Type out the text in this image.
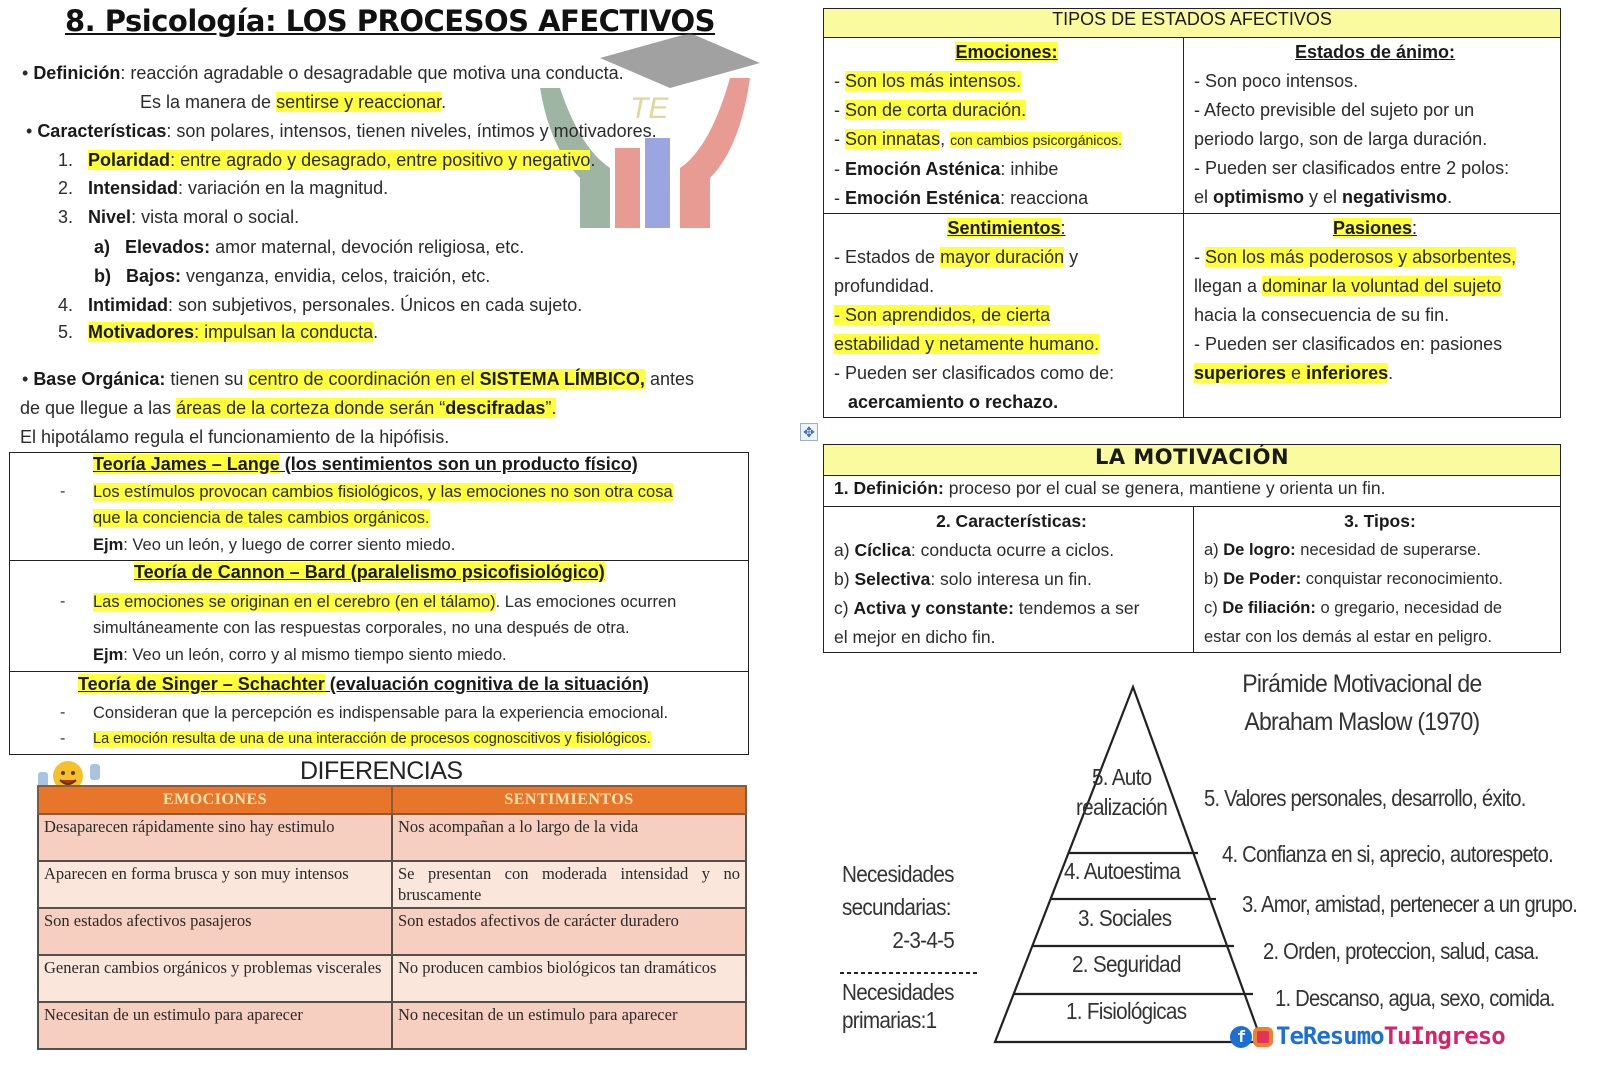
8. Psicología: LOS PROCESOS AFECTIVOS
TE
• Definición: reacción agradable o desagradable que motiva una conducta.
Es la manera de sentirse y reaccionar.
• Características: son polares, intensos, tienen niveles, íntimos y motivadores.
1. Polaridad: entre agrado y desagrado, entre positivo y negativo.
2. Intensidad: variación en la magnitud.
3. Nivel: vista moral o social.
a) Elevados: amor maternal, devoción religiosa, etc.
b) Bajos: venganza, envidia, celos, traición, etc.
4. Intimidad: son subjetivos, personales. Únicos en cada sujeto.
5. Motivadores: impulsan la conducta.
• Base Orgánica: tienen su centro de coordinación en el SISTEMA LÍMBICO, antes
de que llegue a las áreas de la corteza donde serán “descifradas”.
El hipotálamo regula el funcionamiento de la hipófisis.
Teoría James – Lange (los sentimientos son un producto físico)
- Los estímulos provocan cambios fisiológicos, y las emociones no son otra cosa
que la conciencia de tales cambios orgánicos.
Ejm: Veo un león, y luego de correr siento miedo.
Teoría de Cannon – Bard (paralelismo psicofisiológico)
- Las emociones se originan en el cerebro (en el tálamo). Las emociones ocurren
simultáneamente con las respuestas corporales, no una después de otra.
Ejm: Veo un león, corro y al mismo tiempo siento miedo.
Teoría de Singer – Schachter (evaluación cognitiva de la situación)
- Consideran que la percepción es indispensable para la experiencia emocional.
- La emoción resulta de una de una interacción de procesos cognoscitivos y fisiológicos.
DIFERENCIAS
EMOCIONES	SENTIMIENTOS
Desaparecen rápidamente sino hay estimulo	Nos acompañan a lo largo de la vida
Aparecen en forma brusca y son muy intensos	Se presentan con moderada intensidad y no bruscamente
Son estados afectivos pasajeros	Son estados afectivos de carácter duradero
Generan cambios orgánicos y problemas viscerales	No producen cambios biológicos tan dramáticos
Necesitan de un estimulo para aparecer	No necesitan de un estimulo para aparecer
TIPOS DE ESTADOS AFECTIVOS	

Emociones:
- Son los más intensos.
- Son de corta duración.
- Son innatas, con cambios psicorgánicos.
- Emoción Asténica: inhibe
- Emoción Esténica: reacciona

Estados de ánimo:
- Son poco intensos.
- Afecto previsible del sujeto por un
periodo largo, son de larga duración.
- Pueden ser clasificados entre 2 polos:
el optimismo y el negativismo.

Sentimientos:
- Estados de mayor duración y
profundidad.
- Son aprendidos, de cierta
estabilidad y netamente humano.
- Pueden ser clasificados como de:
acercamiento o rechazo.

Pasiones:
- Son los más poderosos y absorbentes,
llegan a dominar la voluntad del sujeto
hacia la consecuencia de su fin.
- Pueden ser clasificados en: pasiones
superiores e inferiores.
✥
LA MOTIVACIÓN
1. Definición: proceso por el cual se genera, mantiene y orienta un fin.

2. Características:
a) Cíclica: conducta ocurre a ciclos.
b) Selectiva: solo interesa un fin.
c) Activa y constante: tendemos a ser
el mejor en dicho fin.

3. Tipos:
a) De logro: necesidad de superarse.
b) De Poder: conquistar reconocimiento.
c) De filiación: o gregario, necesidad de
estar con los demás al estar en peligro.
Pirámide Motivacional de
Abraham Maslow (1970)
5. Auto
realización
4. Autoestima
3. Sociales
2. Seguridad
1. Fisiológicas
5. Valores personales, desarrollo, éxito.
4. Confianza en si, aprecio, autorespeto.
3. Amor, amistad, pertenecer a un grupo.
2. Orden, proteccion, salud, casa.
1. Descanso, agua, sexo, comida.
Necesidades
secundarias:
2-3-4-5
Necesidades
primarias:1
f TeResumoTuIngreso
